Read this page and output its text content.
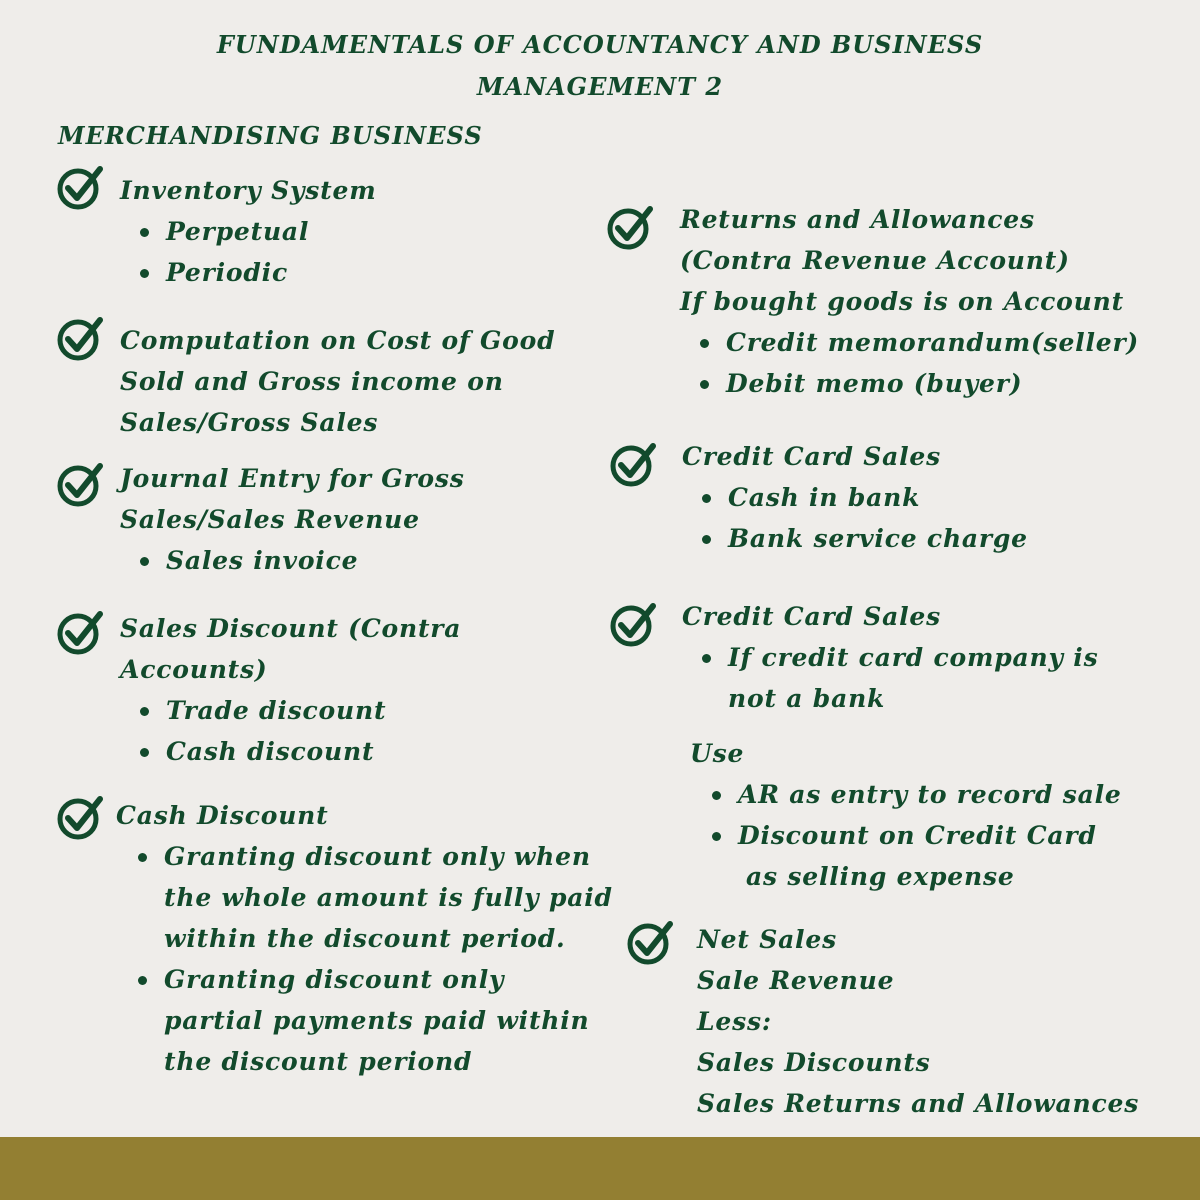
FUNDAMENTALS OF ACCOUNTANCY AND BUSINESS
MANAGEMENT 2
MERCHANDISING BUSINESS
Inventory System
Perpetual
Periodic
Computation on Cost of Good
Sold and Gross income on
Sales/Gross Sales
Journal Entry for Gross
Sales/Sales Revenue
Sales invoice
Sales Discount (Contra
Accounts)
Trade discount
Cash discount
Cash Discount
Granting discount only when
the whole amount is fully paid
within the discount period.
Granting discount only
partial payments paid within
the discount perіond
Returns and Allowances
(Contra Revenue Account)
If bought goods is on Account
Credit memorandum(seller)
Debit memo (buyer)
Credit Card Sales
Cash in bank
Bank service charge
Credit Card Sales
If credit card company is
not a bank
Use
AR as entry to record sale
Discount on Credit Card
as selling expense
Net Sales
Sale Revenue
Less:
Sales Discounts
Sales Returns and Allowances
